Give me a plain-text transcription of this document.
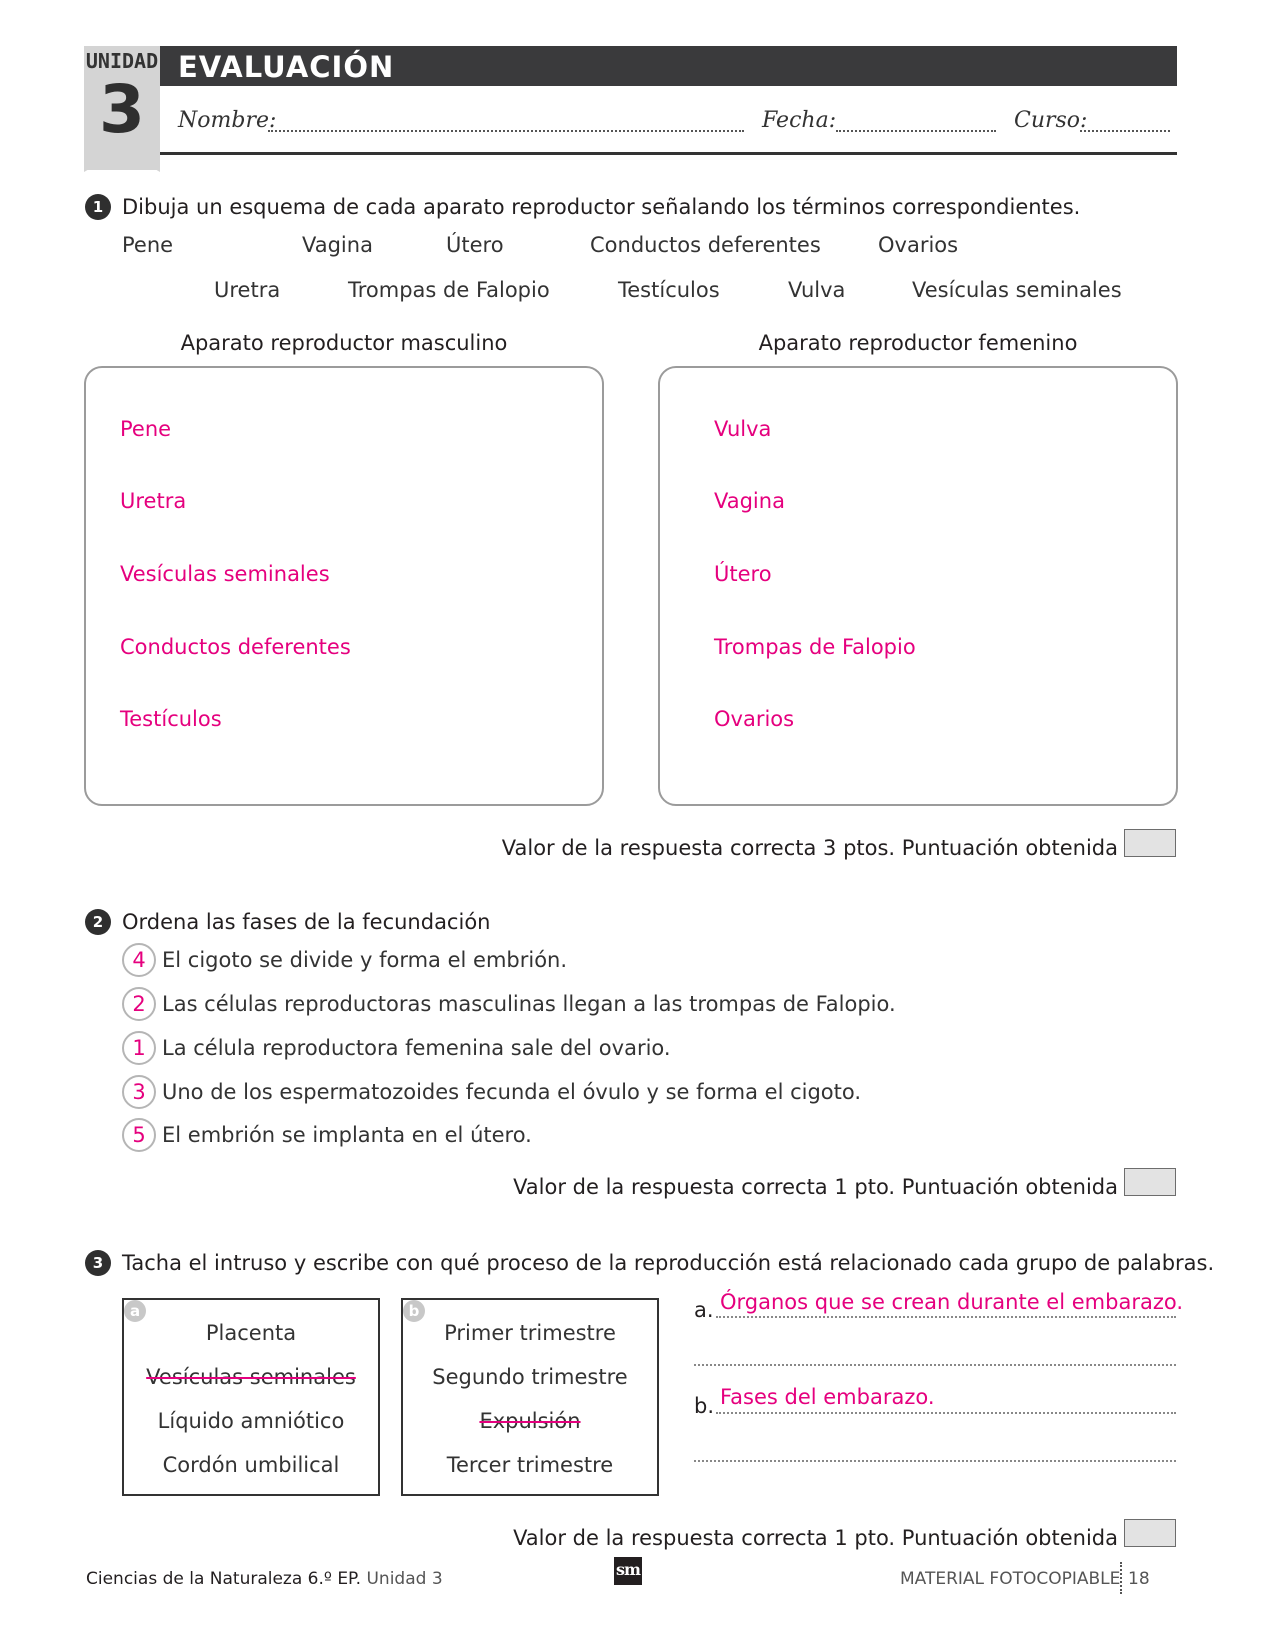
UNIDAD
3
EVALUACIÓN
Nombre:	Fecha:	Curso:
1 Dibuja un esquema de cada aparato reproductor señalando los términos correspondientes.
Pene	Vagina	Útero	Conductos deferentes	Ovarios
Uretra	Trompas de Falopio	Testículos	Vulva	Vesículas seminales
Aparato reproductor masculino	Aparato reproductor femenino
Pene
Uretra
Vesículas seminales
Conductos deferentes
Testículos
Vulva
Vagina
Útero
Trompas de Falopio
Ovarios
Valor de la respuesta correcta 3 ptos. Puntuación obtenida
2 Ordena las fases de la fecundación
4 El cigoto se divide y forma el embrión.
2 Las células reproductoras masculinas llegan a las trompas de Falopio.
1 La célula reproductora femenina sale del ovario.
3 Uno de los espermatozoides fecunda el óvulo y se forma el cigoto.
5 El embrión se implanta en el útero.
Valor de la respuesta correcta 1 pto. Puntuación obtenida
3 Tacha el intruso y escribe con qué proceso de la reproducción está relacionado cada grupo de palabras.
Placenta
Vesículas seminales
Líquido amniótico
Cordón umbilical
a
Primer trimestre
Segundo trimestre
Expulsión
Tercer trimestre
b	a. Órganos que se crean durante el embarazo.
b. Fases del embarazo.
Valor de la respuesta correcta 1 pto. Puntuación obtenida
Ciencias de la Naturaleza 6.º EP. Unidad 3	sm	MATERIAL FOTOCOPIABLE 18
